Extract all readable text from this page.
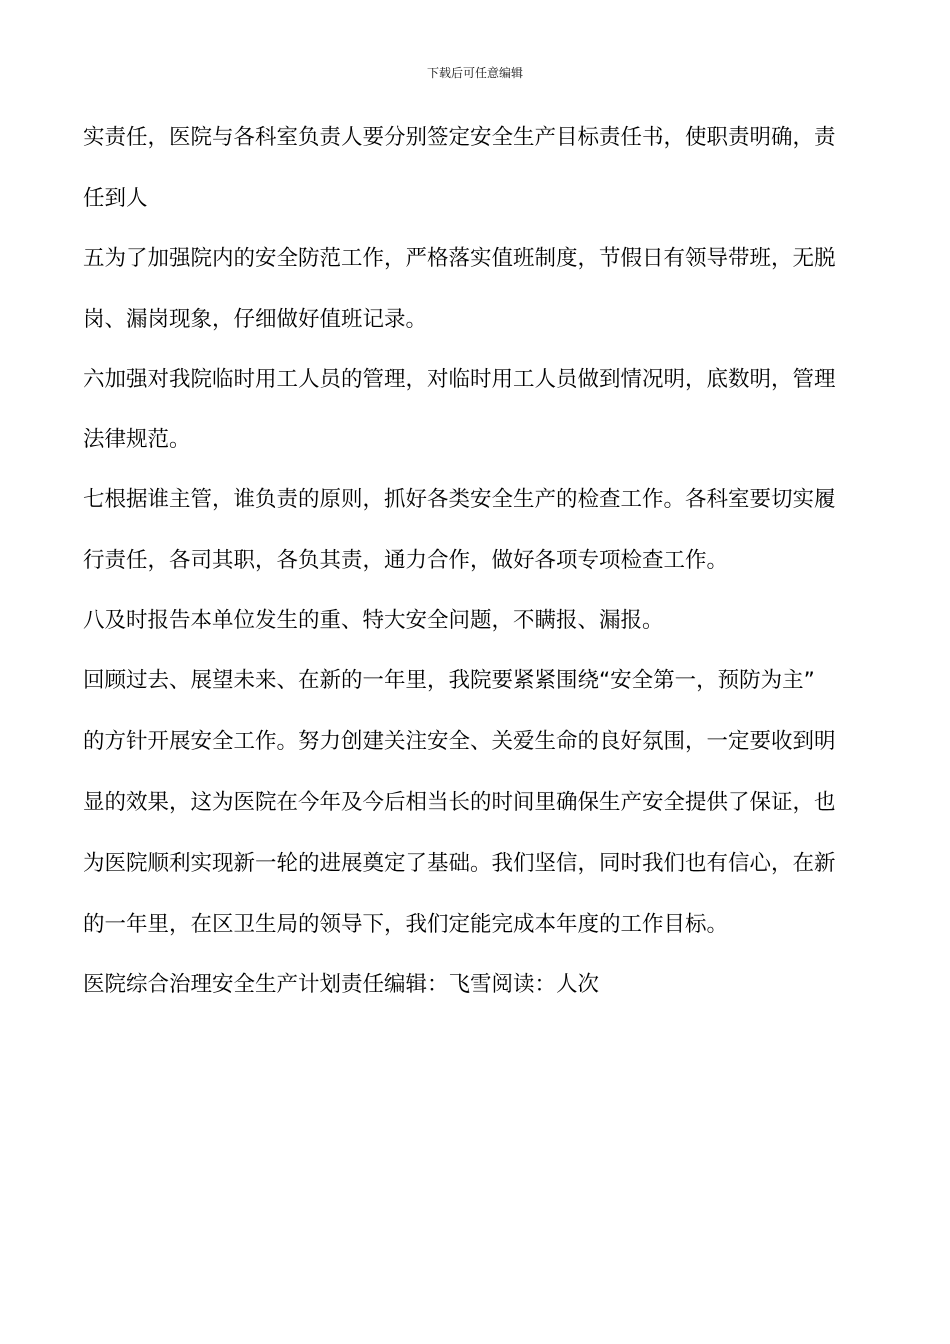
下载后可任意编辑
实责任，医院与各科室负责人要分别签定安全生产目标责任书，使职责明确，责
任到人
五为了加强院内的安全防范工作，严格落实值班制度，节假日有领导带班，无脱
岗、漏岗现象，仔细做好值班记录。
六加强对我院临时用工人员的管理，对临时用工人员做到情况明，底数明，管理
法律规范。
七根据谁主管，谁负责的原则，抓好各类安全生产的检查工作。各科室要切实履
行责任，各司其职，各负其责，通力合作，做好各项专项检查工作。
八及时报告本单位发生的重、特大安全问题，不瞒报、漏报。
回顾过去、展望未来、在新的一年里，我院要紧紧围绕“安全第一，预防为主”
的方针开展安全工作。努力创建关注安全、关爱生命的良好氛围，一定要收到明
显的效果，这为医院在今年及今后相当长的时间里确保生产安全提供了保证，也
为医院顺利实现新一轮的进展奠定了基础。我们坚信，同时我们也有信心，在新
的一年里，在区卫生局的领导下，我们定能完成本年度的工作目标。
医院综合治理安全生产计划责任编辑：飞雪阅读：人次
